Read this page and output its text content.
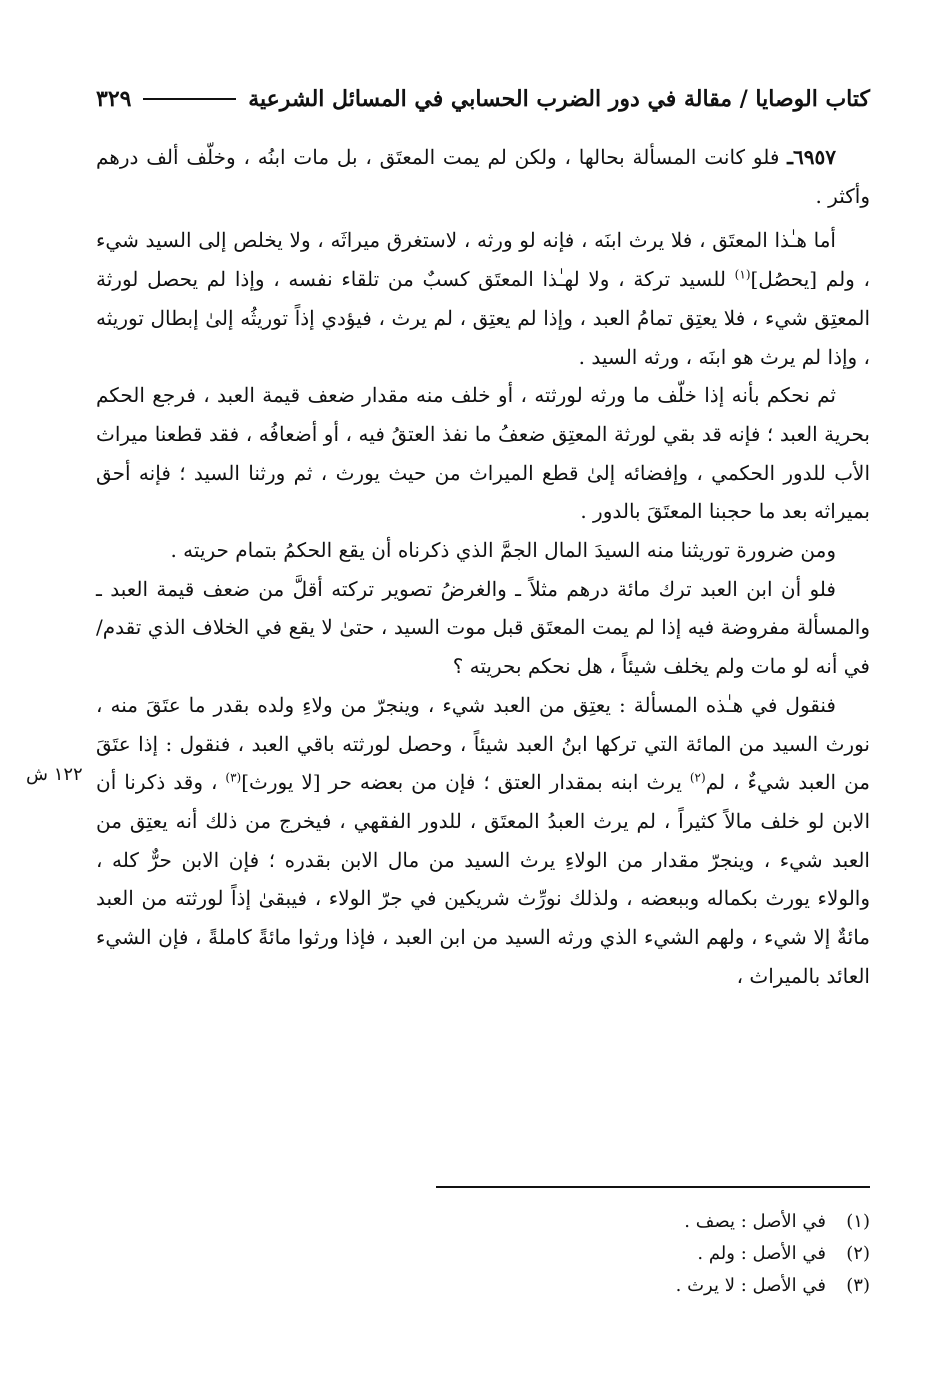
كتاب الوصايا / مقالة في دور الضرب الحسابي في المسائل الشرعية
٣٢٩

٦٩٥٧ـ فلو كانت المسألة بحالها ، ولكن لم يمت المعتَق ، بل مات ابنُه ، وخلّف ألف درهم وأكثر .

أما هـٰذا المعتَق ، فلا يرث ابنَه ، فإنه لو ورثه ، لاستغرق ميراثَه ، ولا يخلص إلى السيد شيء ، ولم [يحصُل]$^{(١)}$ للسيد تركة ، ولا لهـٰذا المعتَق كسبٌ من تلقاء نفسه ، وإذا لم يحصل لورثة المعتِق شيء ، فلا يعتِق تمامُ العبد ، وإذا لم يعتِق ، لم يرث ، فيؤدي إذاً توريثُه إلىٰ إبطال توريثه ، وإذا لم يرث هو ابنَه ، ورثه السيد .

ثم نحكم بأنه إذا خلّف ما ورثه لورثته ، أو خلف منه مقدار ضعف قيمة العبد ، فرجع الحكم بحرية العبد ؛ فإنه قد بقي لورثة المعتِق ضعفُ ما نفذ العتقُ فيه ، أو أضعافُه ، فقد قطعنا ميراث الأب للدور الحكمي ، وإفضائه إلىٰ قطع الميراث من حيث يورث ، ثم ورثنا السيد ؛ فإنه أحق بميراثه بعد ما حجبنا المعتَقَ بالدور .

ومن ضرورة توريثنا منه السيدَ المال الجمَّ الذي ذكرناه أن يقع الحكمُ بتمام حريته .

فلو أن ابن العبد ترك مائة درهم مثلاً ـ والغرضُ تصوير تركته أقلَّ من ضعف قيمة العبد ـ والمسألة مفروضة فيه إذا لم يمت المعتَق قبل موت السيد ، حتىٰ لا يقع في الخلاف الذي تقدم/ في أنه لو مات ولم يخلف شيئاً ، هل نحكم بحريته ؟

فنقول في هـٰذه المسألة : يعتِق من العبد شيء ، وينجرّ من ولاءِ ولده بقدر ما عتَقَ منه ، نورث السيد من المائة التي تركها ابنُ العبد شيئاً ، وحصل لورثته باقي العبد ، فنقول : إذا عتَقَ من العبد شيءٌ ، لم$^{(٢)}$ يرث ابنه بمقدار العتق ؛ فإن من بعضه حر [لا يورث]$^{(٣)}$ ، وقد ذكرنا أن الابن لو خلف مالاً كثيراً ، لم يرث العبدُ المعتَق ، للدور الفقهي ، فيخرج من ذلك أنه يعتِق من العبد شيء ، وينجرّ مقدار من الولاءِ يرث السيد من مال الابن بقدره ؛ فإن الابن حرٌّ كله ، والولاء يورث بكماله وببعضه ، ولذلك نورِّث شريكين في جرّ الولاء ، فيبقىٰ إذاً لورثته من العبد مائةٌ إلا شيء ، ولهم الشيء الذي ورثه السيد من ابن العبد ، فإذا ورثوا مائةً كاملةً ، فإن الشيء العائد بالميراث ،

١٢٢ ش
(١)
في الأصل : يصف .
(٢)
في الأصل : ولم .
(٣)
في الأصل : لا يرث .
